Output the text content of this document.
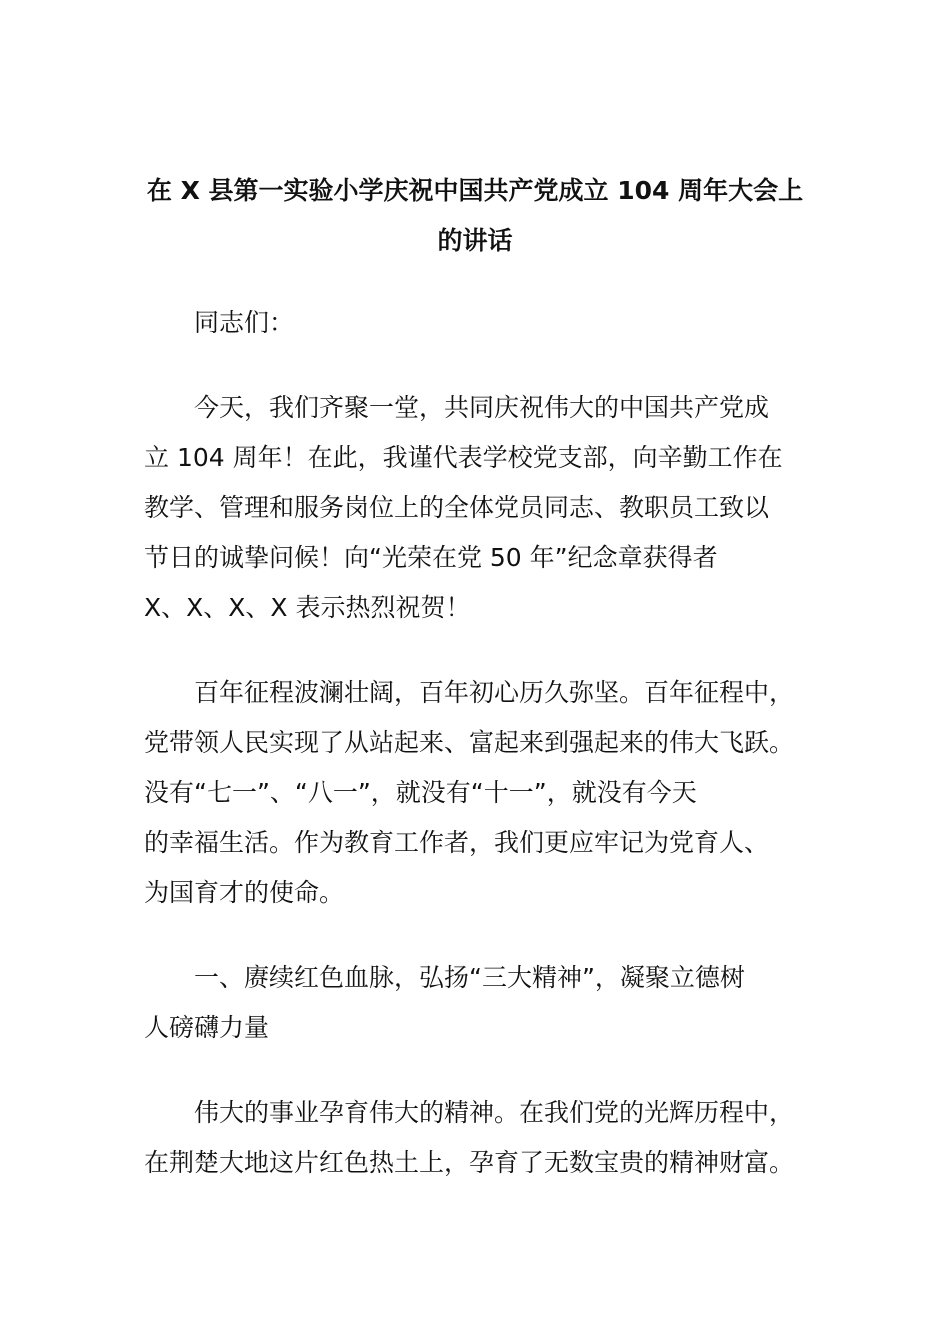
在 X 县第一实验小学庆祝中国共产党成立 104 周年大会上
的讲话
同志们：
今天，我们齐聚一堂，共同庆祝伟大的中国共产党成
立 104 周年！在此，我谨代表学校党支部，向辛勤工作在
教学、管理和服务岗位上的全体党员同志、教职员工致以
节日的诚挚问候！向“光荣在党 50 年”纪念章获得者
X、X、X、X 表示热烈祝贺！
百年征程波澜壮阔，百年初心历久弥坚。百年征程中，
党带领人民实现了从站起来、富起来到强起来的伟大飞跃。
没有“七一”、“八一”，就没有“十一”，就没有今天
的幸福生活。作为教育工作者，我们更应牢记为党育人、
为国育才的使命。
一、赓续红色血脉，弘扬“三大精神”，凝聚立德树
人磅礴力量
伟大的事业孕育伟大的精神。在我们党的光辉历程中，
在荆楚大地这片红色热土上，孕育了无数宝贵的精神财富。
